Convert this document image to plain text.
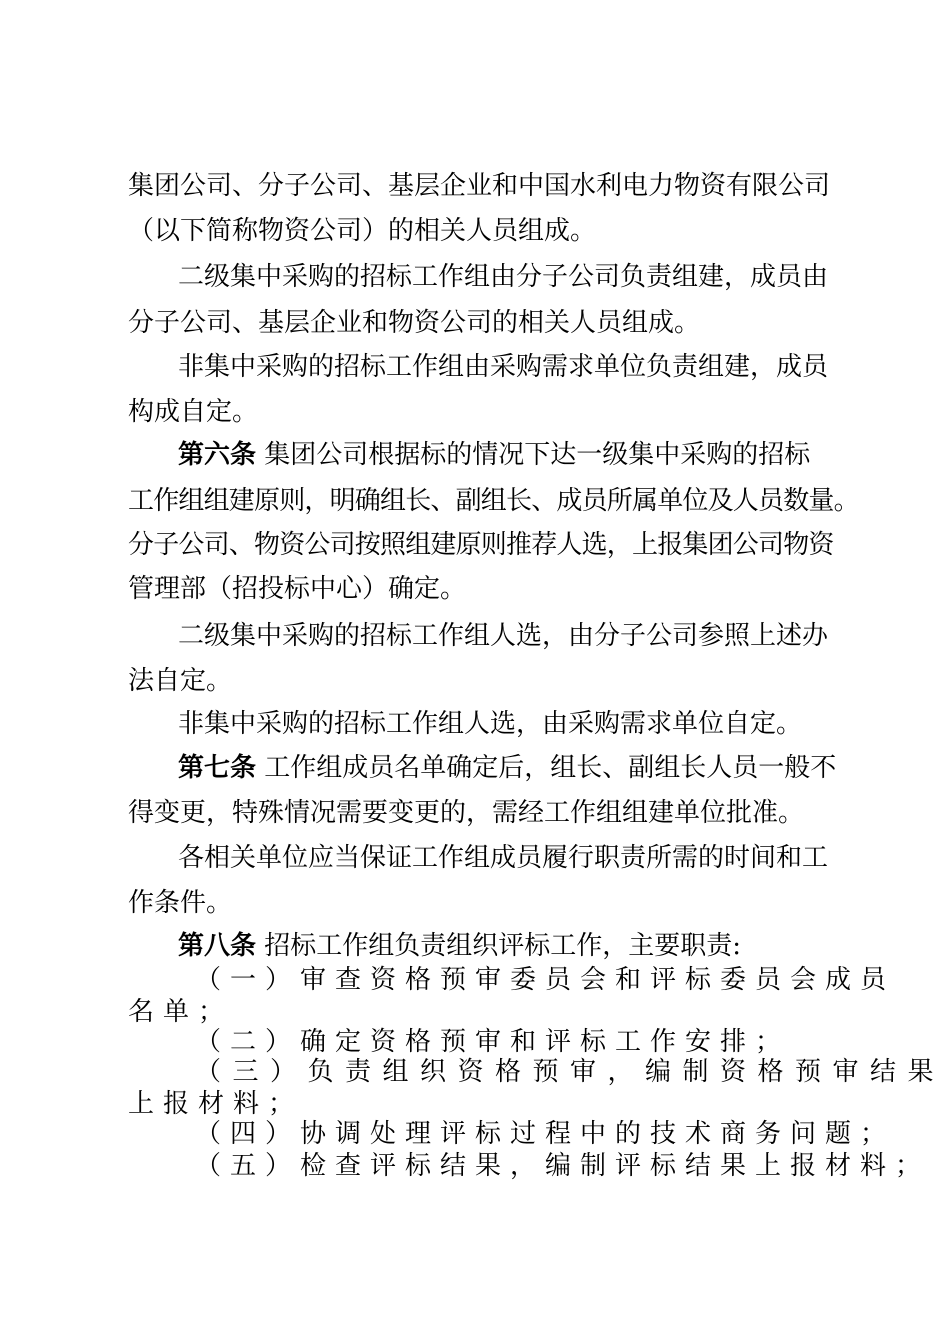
集团公司、分子公司、基层企业和中国水利电力物资有限公司
（以下简称物资公司）的相关人员组成。
二级集中采购的招标工作组由分子公司负责组建，成员由
分子公司、基层企业和物资公司的相关人员组成。
非集中采购的招标工作组由采购需求单位负责组建，成员
构成自定。
第六条 集团公司根据标的情况下达一级集中采购的招标
工作组组建原则，明确组长、副组长、成员所属单位及人员数量。
分子公司、物资公司按照组建原则推荐人选，上报集团公司物资
管理部（招投标中心）确定。
二级集中采购的招标工作组人选，由分子公司参照上述办
法自定。
非集中采购的招标工作组人选，由采购需求单位自定。
第七条 工作组成员名单确定后，组长、副组长人员一般不
得变更，特殊情况需要变更的，需经工作组组建单位批准。
各相关单位应当保证工作组成员履行职责所需的时间和工
作条件。
第八条 招标工作组负责组织评标工作，主要职责:
（一）审查资格预审委员会和评标委员会成员
名单；
（二）确定资格预审和评标工作安排；
（三）负责组织资格预审，编制资格预审结果
上报材料；
（四）协调处理评标过程中的技术商务问题；
（五）检查评标结果，编制评标结果上报材料；
